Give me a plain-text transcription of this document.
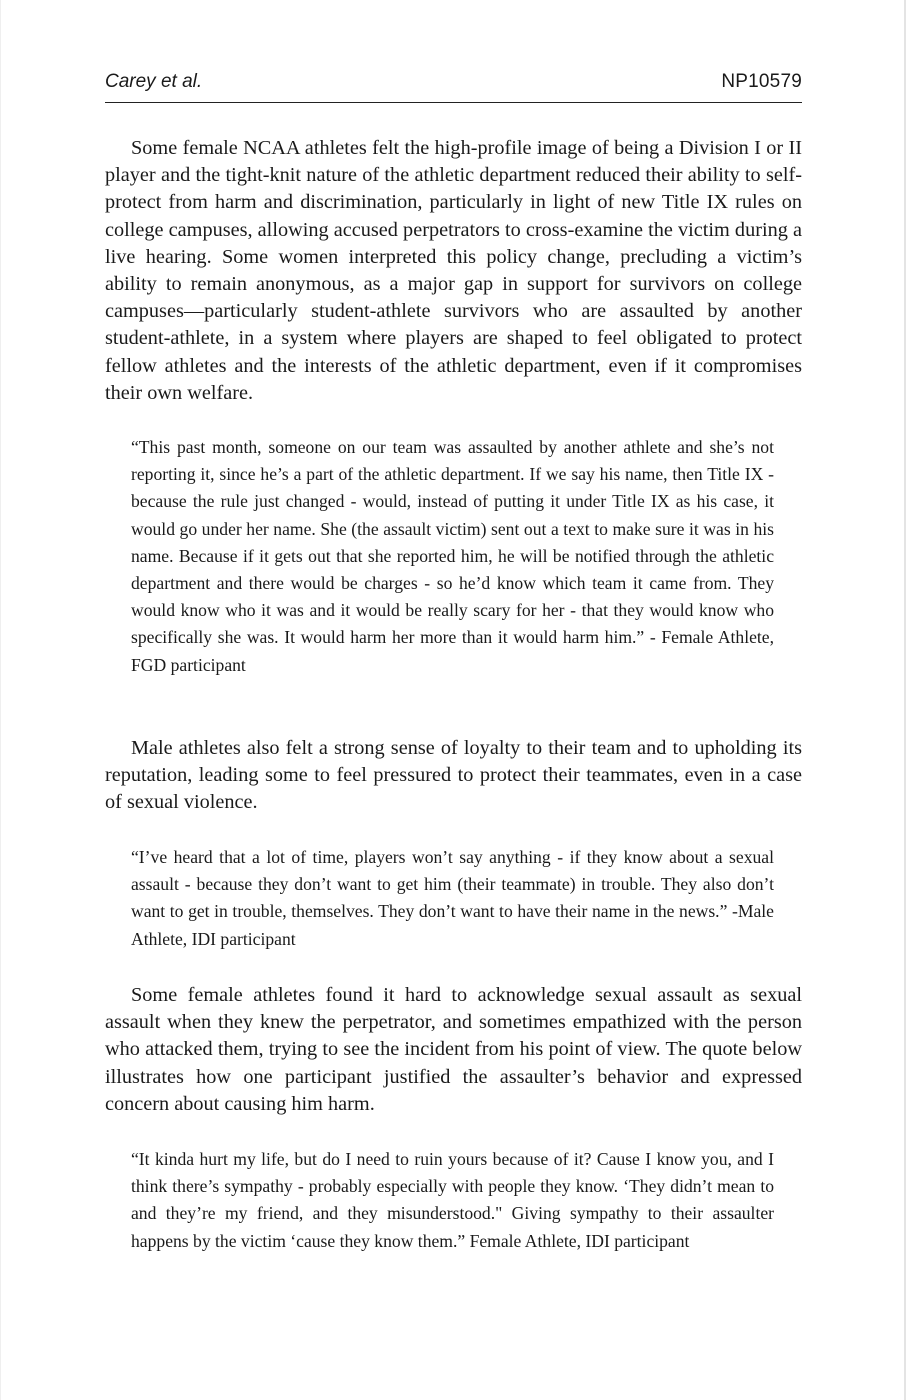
Carey et al.	NP10579

Some female NCAA athletes felt the high-profile image of being a Division I or II player and the tight-knit nature of the athletic department reduced their ability to self-protect from harm and discrimination, particularly in light of new Title IX rules on college campuses, allowing accused perpetrators to cross-examine the victim during a live hearing. Some women interpreted this policy change, precluding a victim’s ability to remain anonymous, as a major gap in support for survivors on college campuses—particularly student-athlete survivors who are assaulted by another student-athlete, in a system where players are shaped to feel obligated to protect fellow athletes and the interests of the athletic department, even if it compromises their own welfare.

“This past month, someone on our team was assaulted by another athlete and she’s not reporting it, since he’s a part of the athletic department. If we say his name, then Title IX - because the rule just changed - would, instead of putting it under Title IX as his case, it would go under her name. She (the assault victim) sent out a text to make sure it was in his name. Because if it gets out that she reported him, he will be notified through the athletic department and there would be charges - so he’d know which team it came from. They would know who it was and it would be really scary for her - that they would know who specifically she was. It would harm her more than it would harm him.” - Female Athlete, FGD participant

Male athletes also felt a strong sense of loyalty to their team and to upholding its reputation, leading some to feel pressured to protect their teammates, even in a case of sexual violence.

“I’ve heard that a lot of time, players won’t say anything - if they know about a sexual assault - because they don’t want to get him (their teammate) in trouble. They also don’t want to get in trouble, themselves. They don’t want to have their name in the news.” -Male Athlete, IDI participant

Some female athletes found it hard to acknowledge sexual assault as sexual assault when they knew the perpetrator, and sometimes empathized with the person who attacked them, trying to see the incident from his point of view. The quote below illustrates how one participant justified the assaulter’s behavior and expressed concern about causing him harm.

“It kinda hurt my life, but do I need to ruin yours because of it? Cause I know you, and I think there’s sympathy - probably especially with people they know. ‘They didn’t mean to and they’re my friend, and they misunderstood." Giving sympathy to their assaulter happens by the victim ‘cause they know them.” Female Athlete, IDI participant
